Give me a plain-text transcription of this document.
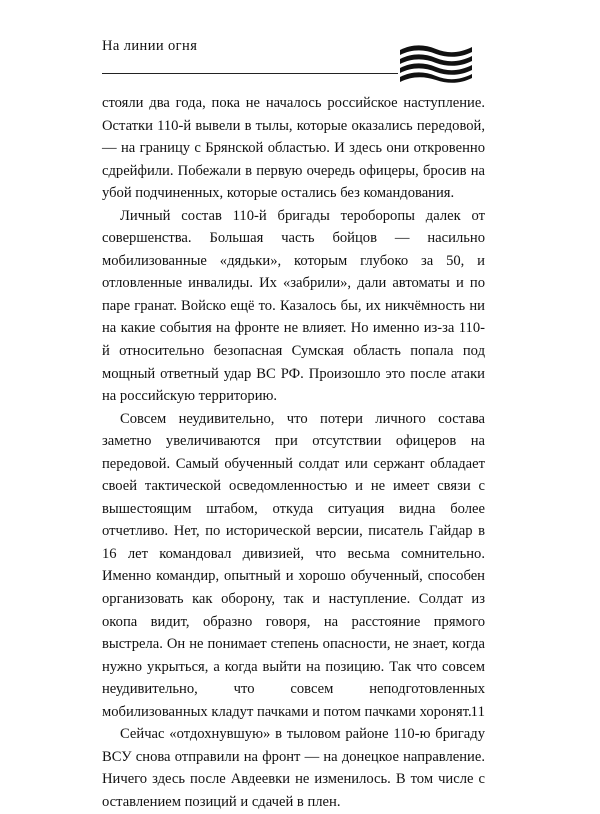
На линии огня

стояли два года, пока не началось российское наступление. Остатки 110-й вывели в тылы, которые оказались передовой, — на границу с Брянской областью. И здесь они откровенно сдрейфили. Побежали в первую очередь офицеры, бросив на убой подчиненных, которые остались без командования.

Личный состав 110-й бригады тероборопы далек от совершенства. Большая часть бойцов — насильно мобилизованные «дядьки», которым глубоко за 50, и отловленные инвалиды. Их «забрили», дали автоматы и по паре гранат. Войско ещё то. Казалось бы, их никчёмность ни на какие события на фронте не влияет. Но именно из-за 110-й относительно безопасная Сумская область попала под мощный ответный удар ВС РФ. Произошло это после атаки на российскую территорию.

Совсем неудивительно, что потери личного состава заметно увеличиваются при отсутствии офицеров на передовой. Самый обученный солдат или сержант обладает своей тактической осведомленностью и не имеет связи с вышестоящим штабом, откуда ситуация видна более отчетливо. Нет, по исторической версии, писатель Гайдар в 16 лет командовал дивизией, что весьма сомнительно. Именно командир, опытный и хорошо обученный, способен организовать как оборону, так и наступление. Солдат из окопа видит, образно говоря, на расстояние прямого выстрела. Он не понимает степень опасности, не знает, когда нужно укрыться, а когда выйти на позицию. Так что совсем неудивительно, что совсем неподготовленных мобилизованных кладут пачками и потом пачками хоронят.

Сейчас «отдохнувшую» в тыловом районе 110-ю бригаду ВСУ снова отправили на фронт — на донецкое направление. Ничего здесь после Авдеевки не изменилось. В том числе с оставлением позиций и сдачей в плен.

11
